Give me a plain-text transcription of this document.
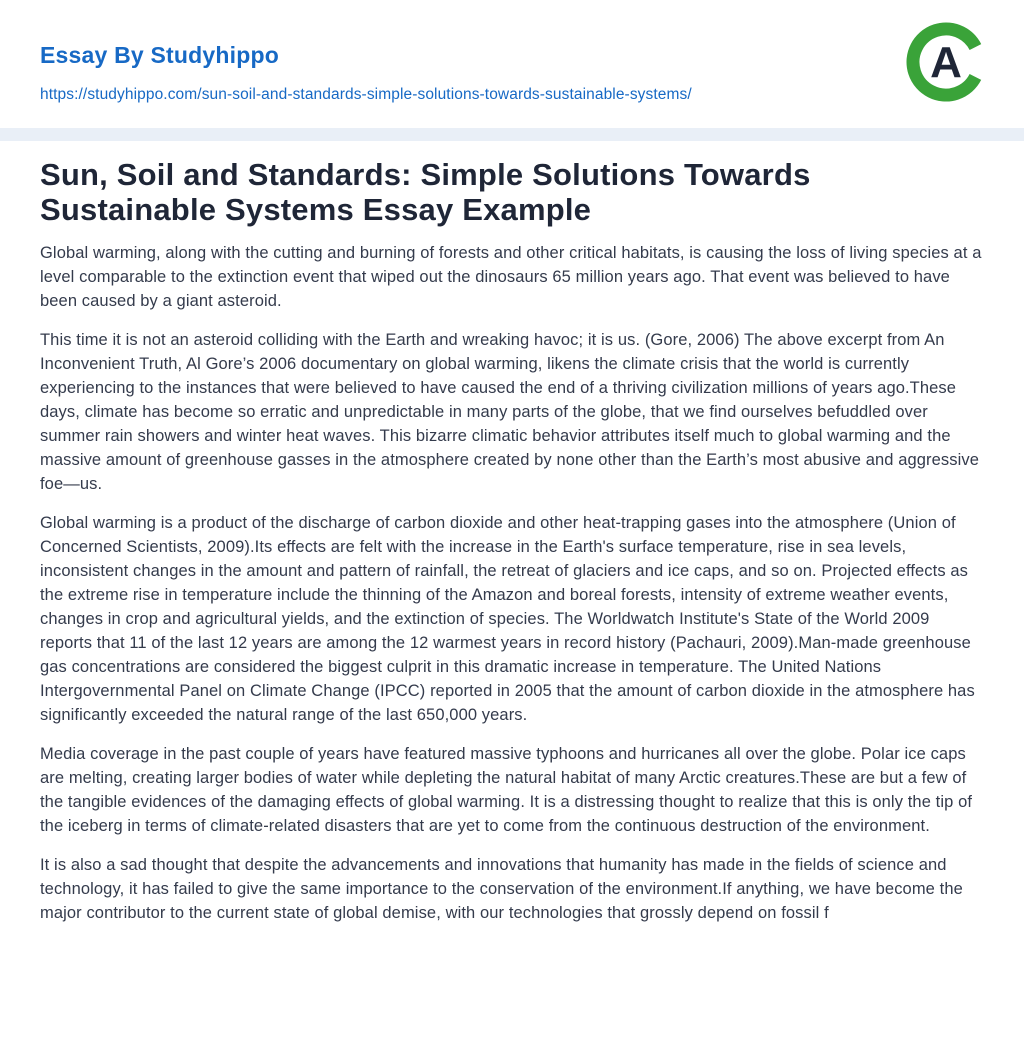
Essay By Studyhippo
https://studyhippo.com/sun-soil-and-standards-simple-solutions-towards-sustainable-systems/
A
Sun, Soil and Standards: Simple Solutions Towards Sustainable Systems Essay Example

Global warming, along with the cutting and burning of forests and other critical habitats, is causing the loss of living species at a level comparable to the extinction event that wiped out the dinosaurs 65 million years ago. That event was believed to have been caused by a giant asteroid.

This time it is not an asteroid colliding with the Earth and wreaking havoc; it is us. (Gore, 2006) The above excerpt from An Inconvenient Truth, Al Gore’s 2006 documentary on global warming, likens the climate crisis that the world is currently experiencing to the instances that were believed to have caused the end of a thriving civilization millions of years ago.These days, climate has become so erratic and unpredictable in many parts of the globe, that we find ourselves befuddled over summer rain showers and winter heat waves. This bizarre climatic behavior attributes itself much to global warming and the massive amount of greenhouse gasses in the atmosphere created by none other than the Earth’s most abusive and aggressive foe—us.

Global warming is a product of the discharge of carbon dioxide and other heat-trapping gases into the atmosphere (Union of Concerned Scientists, 2009).Its effects are felt with the increase in the Earth's surface temperature, rise in sea levels, inconsistent changes in the amount and pattern of rainfall, the retreat of glaciers and ice caps, and so on. Projected effects as the extreme rise in temperature include the thinning of the Amazon and boreal forests, intensity of extreme weather events, changes in crop and agricultural yields, and the extinction of species. The Worldwatch Institute's State of the World 2009 reports that 11 of the last 12 years are among the 12 warmest years in record history (Pachauri, 2009).Man-made greenhouse gas concentrations are considered the biggest culprit in this dramatic increase in temperature. The United Nations Intergovernmental Panel on Climate Change (IPCC) reported in 2005 that the amount of carbon dioxide in the atmosphere has significantly exceeded the natural range of the last 650,000 years.

Media coverage in the past couple of years have featured massive typhoons and hurricanes all over the globe. Polar ice caps are melting, creating larger bodies of water while depleting the natural habitat of many Arctic creatures.These are but a few of the tangible evidences of the damaging effects of global warming. It is a distressing thought to realize that this is only the tip of the iceberg in terms of climate-related disasters that are yet to come from the continuous destruction of the environment.

It is also a sad thought that despite the advancements and innovations that humanity has made in the fields of science and technology, it has failed to give the same importance to the conservation of the environment.If anything, we have become the major contributor to the current state of global demise, with our technologies that grossly depend on fossil f
